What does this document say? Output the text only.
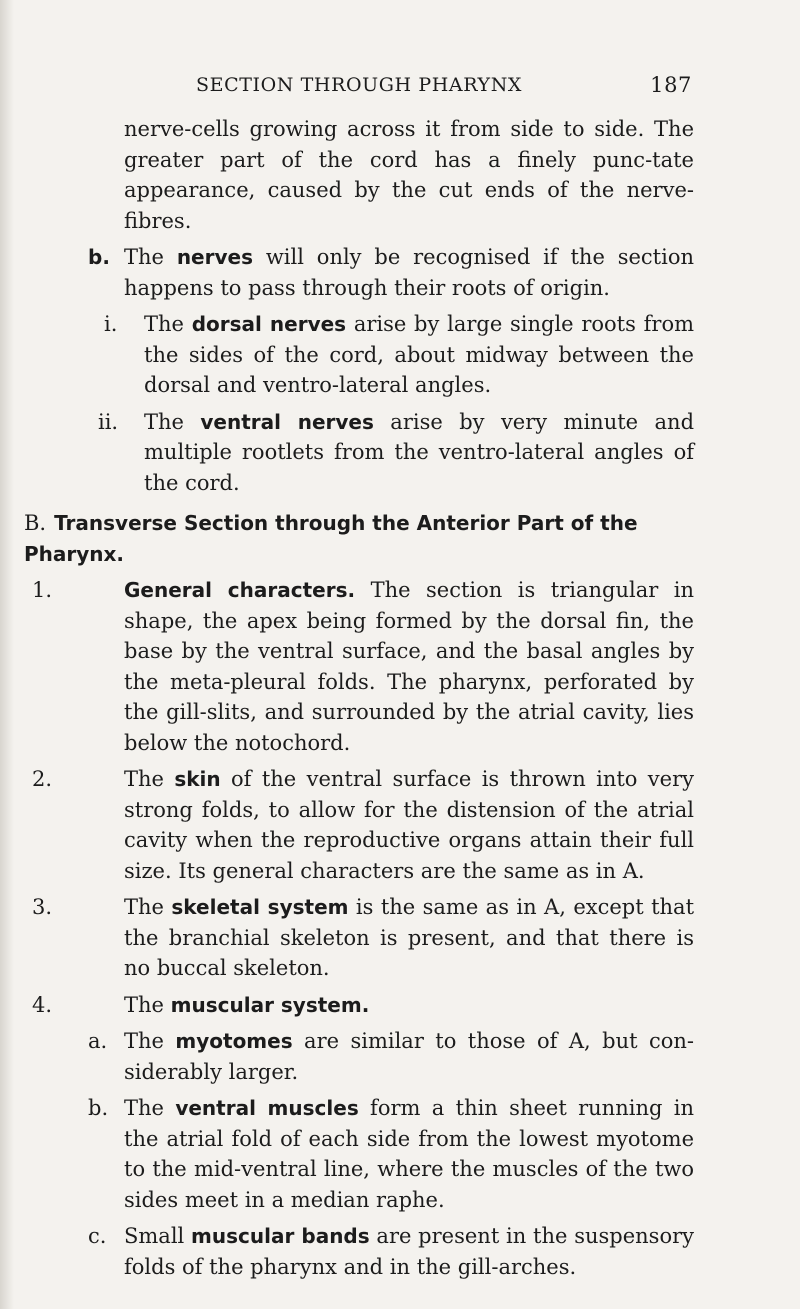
SECTION THROUGH PHARYNX	187

nerve-cells growing across it from side to side. The greater part of the cord has a finely punc-tate appearance, caused by the cut ends of the nerve-fibres.

b. The nerves will only be recognised if the section happens to pass through their roots of origin.

i.	The dorsal nerves arise by large single roots from the sides of the cord, about midway between the dorsal and ventro-lateral angles.

ii.	The ventral nerves arise by very minute and multiple rootlets from the ventro-lateral angles of the cord.

B. Transverse Section through the Anterior Part of the Pharynx.
1.	General characters. The section is triangular in shape, the apex being formed by the dorsal fin, the base by the ventral surface, and the basal angles by the meta-pleural folds. The pharynx, perforated by the gill-slits, and surrounded by the atrial cavity, lies below the notochord.

2.	The skin of the ventral surface is thrown into very strong folds, to allow for the distension of the atrial cavity when the reproductive organs attain their full size. Its general characters are the same as in A.

3.	The skeletal system is the same as in A, except that the branchial skeleton is present, and that there is no buccal skeleton.

4.	The muscular system.

a. The myotomes are similar to those of A, but con-siderably larger.

b. The ventral muscles form a thin sheet running in the atrial fold of each side from the lowest myotome to the mid-ventral line, where the muscles of the two sides meet in a median raphe.

c. Small muscular bands are present in the suspensory folds of the pharynx and in the gill-arches.
